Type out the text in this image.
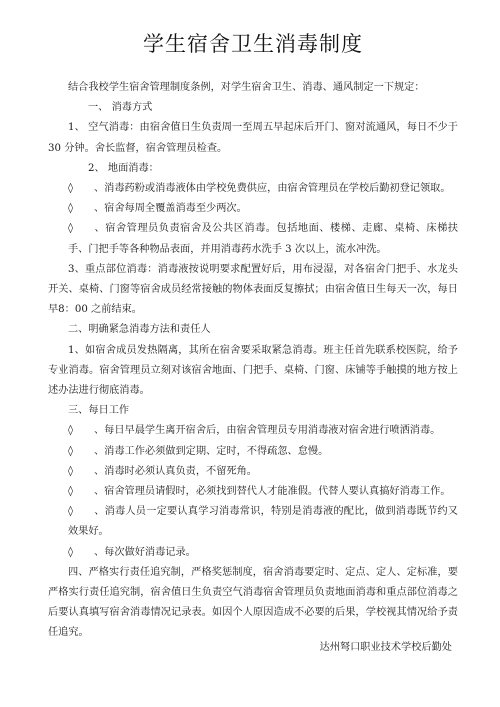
学生宿舍卫生消毒制度

结合我校学生宿舍管理制度条例，对学生宿舍卫生、消毒、通风制定一下规定：

一、 消毒方式

1、 空气消毒：由宿舍值日生负责周一至周五早起床后开门、窗对流通风，每日不少于 30 分钟。舍长监督，宿舍管理员检查。

2、 地面消毒：

◊ 、消毒药粉或消毒液体由学校免费供应，由宿舍管理员在学校后勤初登记领取。

◊ 、宿舍每周全覆盖消毒至少两次。

◊ 、宿舍管理员负责宿舍及公共区消毒。包括地面、楼梯、走廊、桌椅、床梯扶手、门把手等各种物品表面，并用消毒药水洗手 3 次以上，流水冲洗。

3、重点部位消毒：消毒液按说明要求配置好后，用布浸湿，对各宿舍门把手、水龙头开关、桌椅、门窗等宿舍成员经常接触的物体表面反复擦拭；由宿舍值日生每天一次，每日早8：00 之前结束。

二、明确紧急消毒方法和责任人

1、如宿舍成员发热隔离，其所在宿舍要采取紧急消毒。班主任首先联系校医院，给予专业消毒。宿舍管理员立刻对该宿舍地面、门把手、桌椅、门窗、床铺等手触摸的地方按上述办法进行彻底消毒。

三、每日工作

◊ 、每日早晨学生离开宿舍后，由宿舍管理员专用消毒液对宿舍进行喷洒消毒。

◊ 、消毒工作必须做到定期、定时，不得疏忽、怠慢。

◊ 、消毒时必须认真负责，不留死角。

◊ 、宿舍管理员请假时，必须找到替代人才能准假。代替人要认真搞好消毒工作。

◊ 、消毒人员一定要认真学习消毒常识，特别是消毒液的配比，做到消毒既节约又效果好。

◊ 、每次做好消毒记录。

四、严格实行责任追究制，严格奖惩制度，宿舍消毒要定时、定点、定人、定标准，要严格实行责任追究制，宿舍值日生负责空气消毒宿舍管理员负责地面消毒和重点部位消毒之后要认真填写宿舍消毒情况记录表。如因个人原因造成不必要的后果，学校视其情况给予责任追究。

达州弩口职业技术学校后勤处
